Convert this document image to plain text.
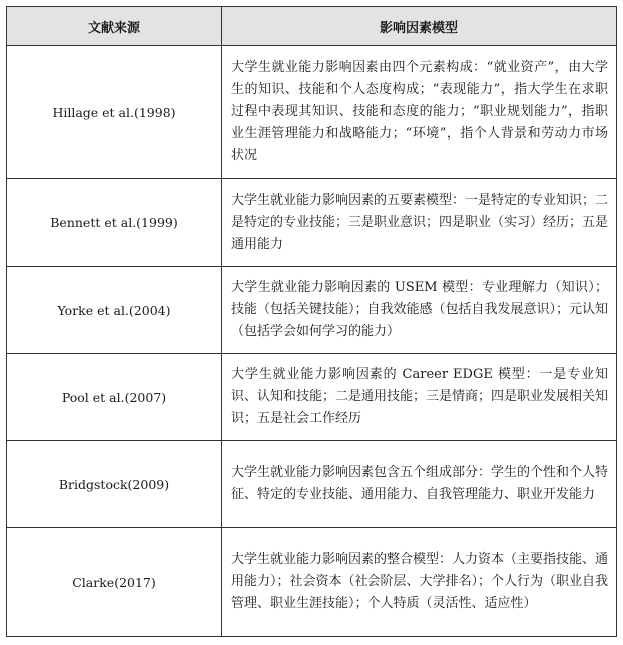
文献来源	影响因素模型
Hillage et al.(1998)	大学生就业能力影响因素由四个元素构成：“就业资产”，由大学生的知识、技能和个人态度构成；“表现能力”，指大学生在求职过程中表现其知识、技能和态度的能力；“职业规划能力”，指职业生涯管理能力和战略能力；“环境”，指个人背景和劳动力市场状况
Bennett et al.(1999)	大学生就业能力影响因素的五要素模型：一是特定的专业知识；二是特定的专业技能；三是职业意识；四是职业（实习）经历；五是通用能力
Yorke et al.(2004)	大学生就业能力影响因素的 USEM 模型：专业理解力（知识）；技能（包括关键技能）；自我效能感（包括自我发展意识）；元认知（包括学会如何学习的能力）
Pool et al.(2007)	大学生就业能力影响因素的 Career EDGE 模型：一是专业知识、认知和技能；二是通用技能；三是情商；四是职业发展相关知识；五是社会工作经历
Bridgstock(2009)	大学生就业能力影响因素包含五个组成部分：学生的个性和个人特征、特定的专业技能、通用能力、自我管理能力、职业开发能力
Clarke(2017)	大学生就业能力影响因素的整合模型：人力资本（主要指技能、通用能力）；社会资本（社会阶层、大学排名）；个人行为（职业自我管理、职业生涯技能）；个人特质（灵活性、适应性）
